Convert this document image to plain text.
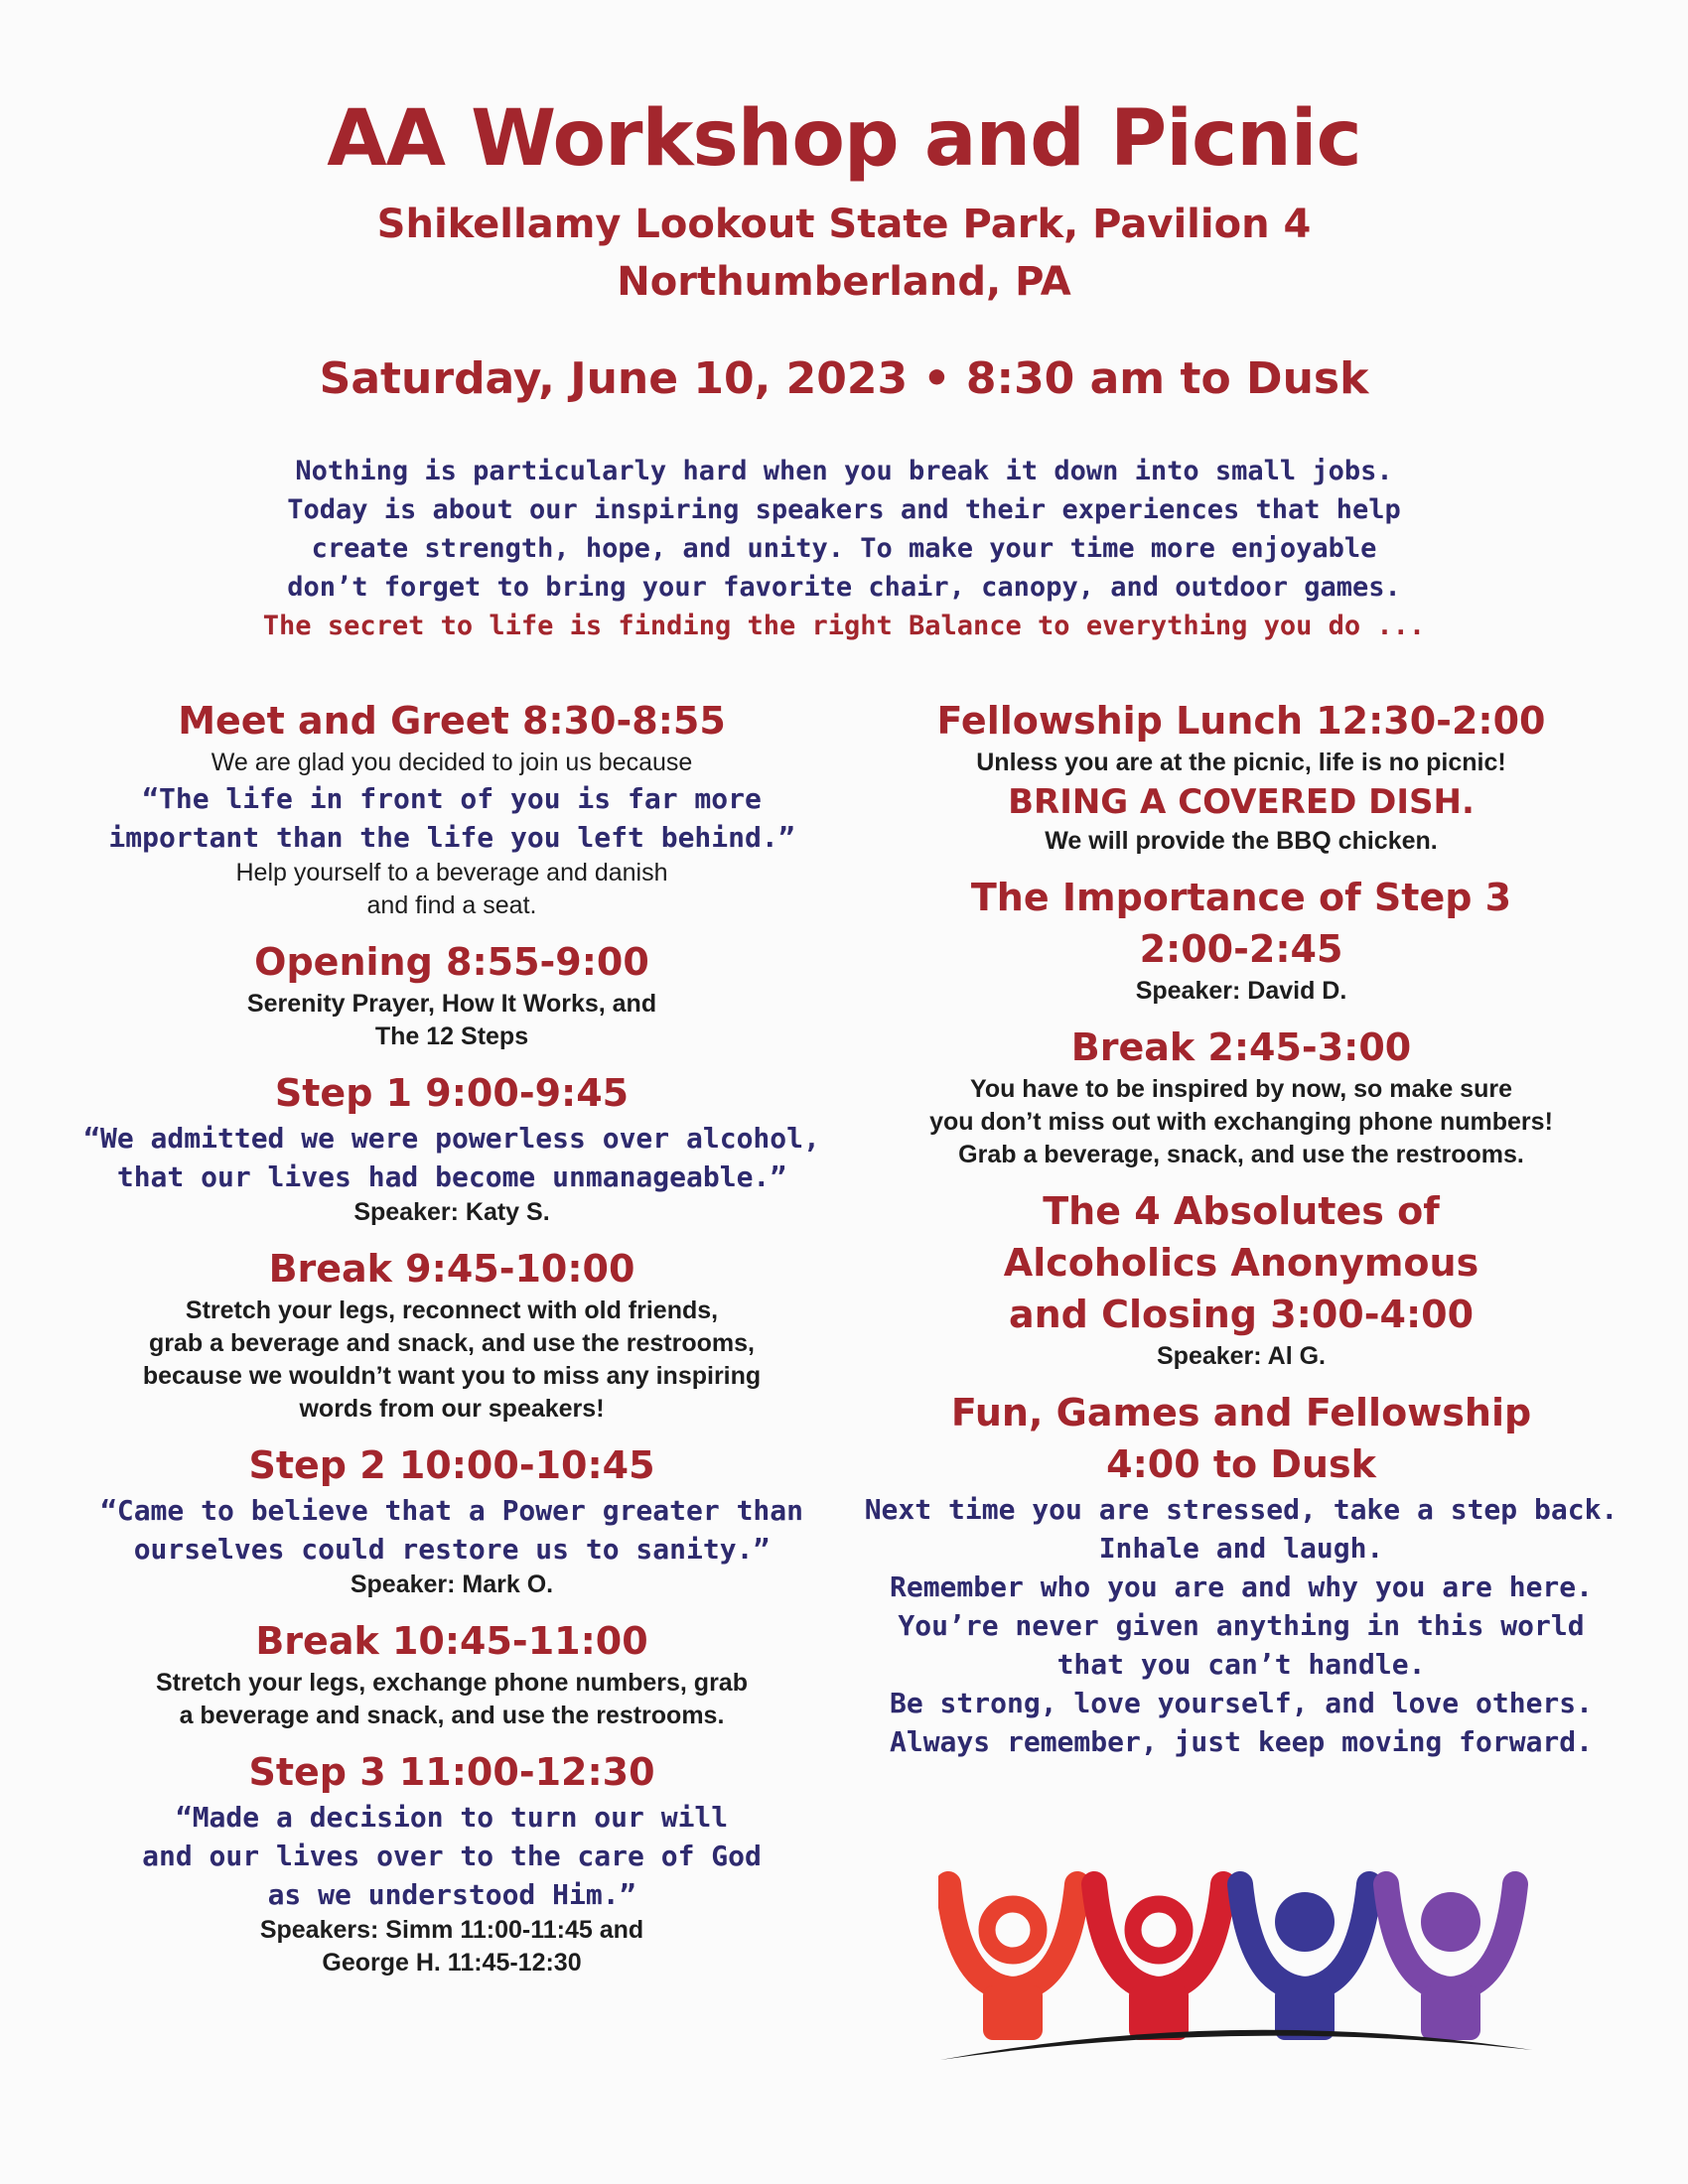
AA Workshop and Picnic
Shikellamy Lookout State Park, Pavilion 4
Northumberland, PA
Saturday, June 10, 2023 • 8:30 am to Dusk
Nothing is particularly hard when you break it down into small jobs.
Today is about our inspiring speakers and their experiences that help
create strength, hope, and unity. To make your time more enjoyable
don’t forget to bring your favorite chair, canopy, and outdoor games.
The secret to life is finding the right Balance to everything you do ...
Meet and Greet 8:30-8:55
We are glad you decided to join us because
“The life in front of you is far more
important than the life you left behind.”
Help yourself to a beverage and danish
and find a seat.
Opening 8:55-9:00
Serenity Prayer, How It Works, and
The 12 Steps
Step 1 9:00-9:45
“We admitted we were powerless over alcohol,
that our lives had become unmanageable.”
Speaker: Katy S.
Break 9:45-10:00
Stretch your legs, reconnect with old friends,
grab a beverage and snack, and use the restrooms,
because we wouldn’t want you to miss any inspiring
words from our speakers!
Step 2 10:00-10:45
“Came to believe that a Power greater than
ourselves could restore us to sanity.”
Speaker: Mark O.
Break 10:45-11:00
Stretch your legs, exchange phone numbers, grab
a beverage and snack, and use the restrooms.
Step 3 11:00-12:30
“Made a decision to turn our will
and our lives over to the care of God
as we understood Him.”
Speakers: Simm 11:00-11:45 and
George H. 11:45-12:30
Fellowship Lunch 12:30-2:00
Unless you are at the picnic, life is no picnic!
BRING A COVERED DISH.
We will provide the BBQ chicken.
The Importance of Step 3
2:00-2:45
Speaker: David D.
Break 2:45-3:00
You have to be inspired by now, so make sure
you don’t miss out with exchanging phone numbers!
Grab a beverage, snack, and use the restrooms.
The 4 Absolutes of
Alcoholics Anonymous
and Closing 3:00-4:00
Speaker: Al G.
Fun, Games and Fellowship
4:00 to Dusk
Next time you are stressed, take a step back.
Inhale and laugh.
Remember who you are and why you are here.
You’re never given anything in this world
that you can’t handle.
Be strong, love yourself, and love others.
Always remember, just keep moving forward.
